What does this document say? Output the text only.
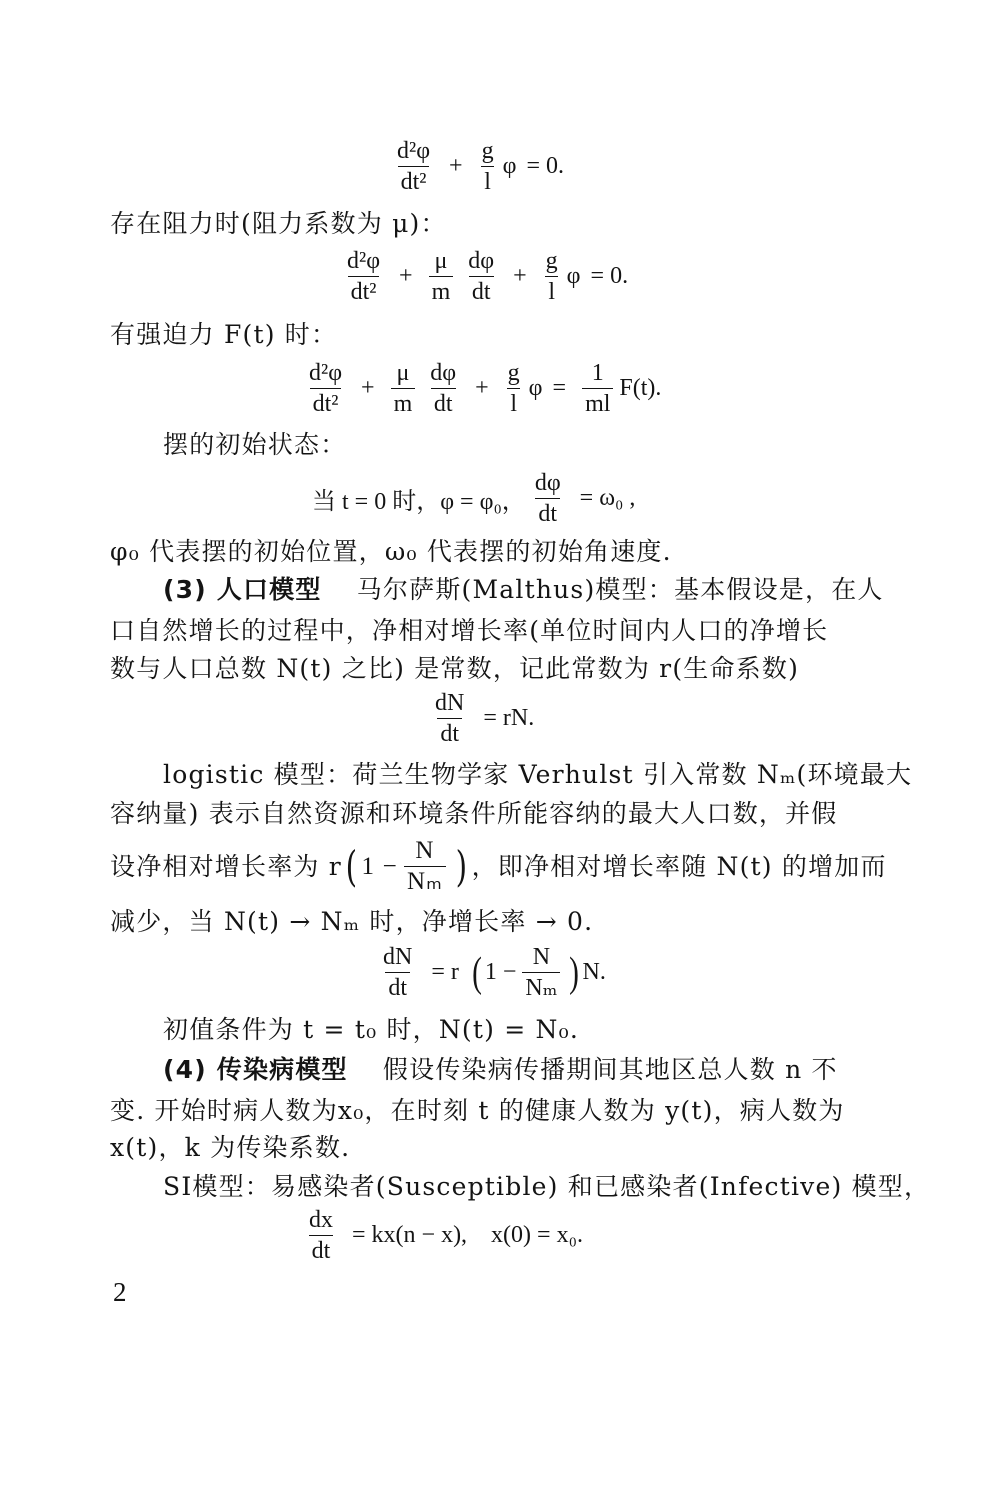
$\frac{\text{d²φ}}{\text{dt²}} + \frac{g}{l}$ φ = 0.
存在阻力时(阻力系数为 μ)：
$\frac{\text{d²φ}}{\text{dt²}} + \frac{\mu}{m} \frac{d\varphi}{dt} + \frac{g}{l}$ φ = 0.
有强迫力 F(t) 时：
$\frac{\text{d²φ}}{\text{dt²}} + \frac{\mu}{m} \frac{d\varphi}{dt} + \frac{g}{l}$ $\varphi = \frac{1}{ml} F(t)$.
摆的初始状态：
当 t = 0 时，φ = φ₀， $\frac{d\varphi}{dt} = \omega_0$ ,
φ₀ 代表摆的初始位置，ω₀ 代表摆的初始角速度.
(3) 人口模型 马尔萨斯(Malthus)模型：基本假设是，在人
口自然增长的过程中，净相对增长率(单位时间内人口的净增长
数与人口总数 N(t) 之比) 是常数，记此常数为 r(生命系数)
$\frac{dN}{dt}$ = rN.
logistic 模型：荷兰生物学家 Verhulst 引入常数 Nₘ(环境最大
容纳量) 表示自然资源和环境条件所能容纳的最大人口数，并假
设净相对增长率为 r ( $1 - \frac{N}{\text{Nₘ}}$ ) ，即净相对增长率随 N(t) 的增加而
减少，当 N(t) → Nₘ 时，净增长率 → 0.
$\frac{dN}{dt} = r$ ( $1 - \frac{N}{\text{Nₘ}}$ ) N.
初值条件为 t = t₀ 时，N(t) = N₀.
(4) 传染病模型 假设传染病传播期间其地区总人数 n 不
变. 开始时病人数为x₀，在时刻 t 的健康人数为 y(t)，病人数为
x(t)，k 为传染系数.
SI模型：易感染者(Susceptible) 和已感染者(Infective) 模型，
$\frac{dx}{dt} = kx(n - x)$,    x(0) = x₀.
2
